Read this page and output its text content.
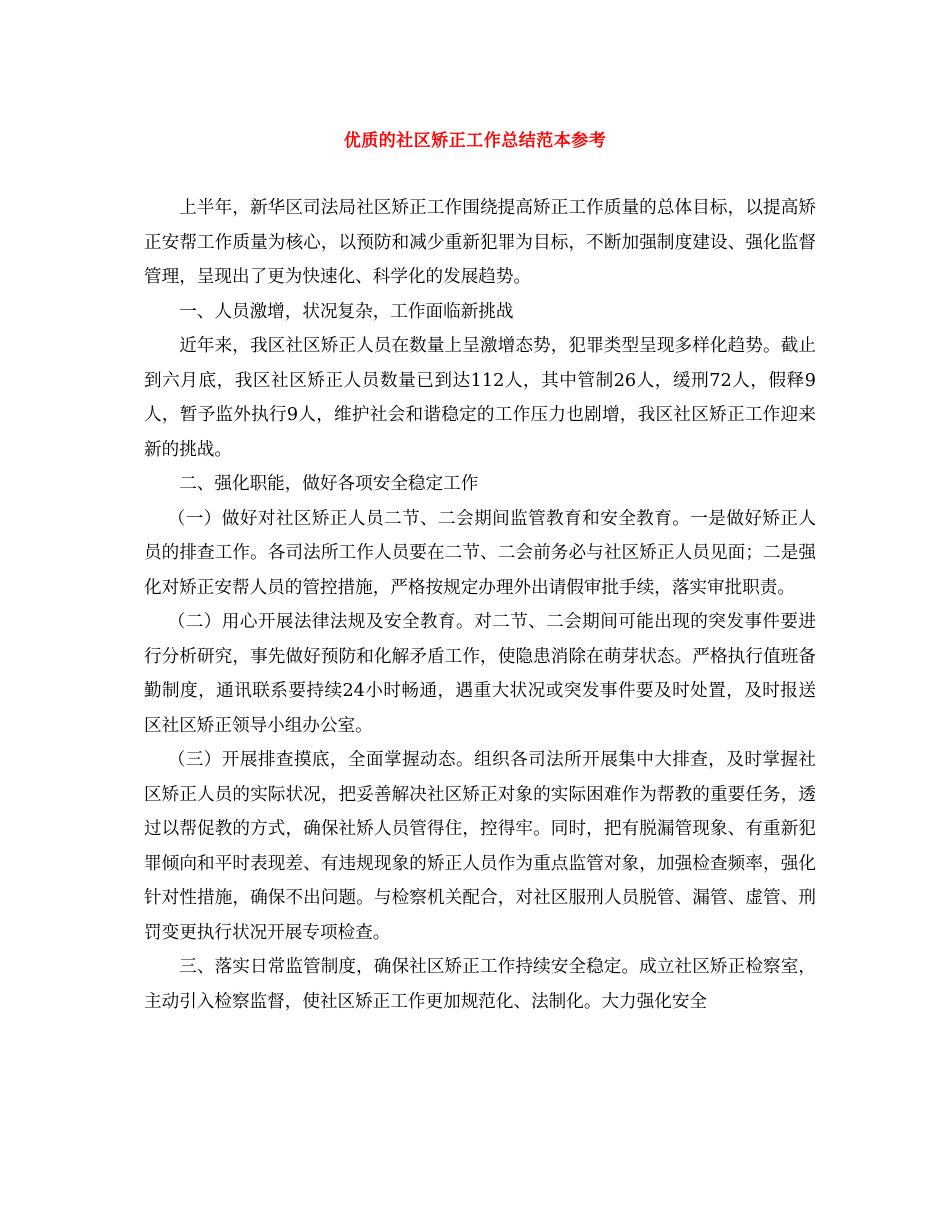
优质的社区矫正工作总结范本参考

上半年，新华区司法局社区矫正工作围绕提高矫正工作质量的总体目标，以提高矫正安帮工作质量为核心，以预防和减少重新犯罪为目标，不断加强制度建设、强化监督管理，呈现出了更为快速化、科学化的发展趋势。

一、人员激增，状况复杂，工作面临新挑战

近年来，我区社区矫正人员在数量上呈激增态势，犯罪类型呈现多样化趋势。截止到六月底，我区社区矫正人员数量已到达112人，其中管制26人，缓刑72人，假释9人，暂予监外执行9人，维护社会和谐稳定的工作压力也剧增，我区社区矫正工作迎来新的挑战。

二、强化职能，做好各项安全稳定工作

（一）做好对社区矫正人员二节、二会期间监管教育和安全教育。一是做好矫正人员的排查工作。各司法所工作人员要在二节、二会前务必与社区矫正人员见面；二是强化对矫正安帮人员的管控措施，严格按规定办理外出请假审批手续，落实审批职责。

（二）用心开展法律法规及安全教育。对二节、二会期间可能出现的突发事件要进行分析研究，事先做好预防和化解矛盾工作，使隐患消除在萌芽状态。严格执行值班备勤制度，通讯联系要持续24小时畅通，遇重大状况或突发事件要及时处置，及时报送区社区矫正领导小组办公室。

（三）开展排查摸底，全面掌握动态。组织各司法所开展集中大排查，及时掌握社区矫正人员的实际状况，把妥善解决社区矫正对象的实际困难作为帮教的重要任务，透过以帮促教的方式，确保社矫人员管得住，控得牢。同时，把有脱漏管现象、有重新犯罪倾向和平时表现差、有违规现象的矫正人员作为重点监管对象，加强检查频率，强化针对性措施，确保不出问题。与检察机关配合，对社区服刑人员脱管、漏管、虚管、刑罚变更执行状况开展专项检查。

三、落实日常监管制度，确保社区矫正工作持续安全稳定。成立社区矫正检察室，主动引入检察监督，使社区矫正工作更加规范化、法制化。大力强化安全
